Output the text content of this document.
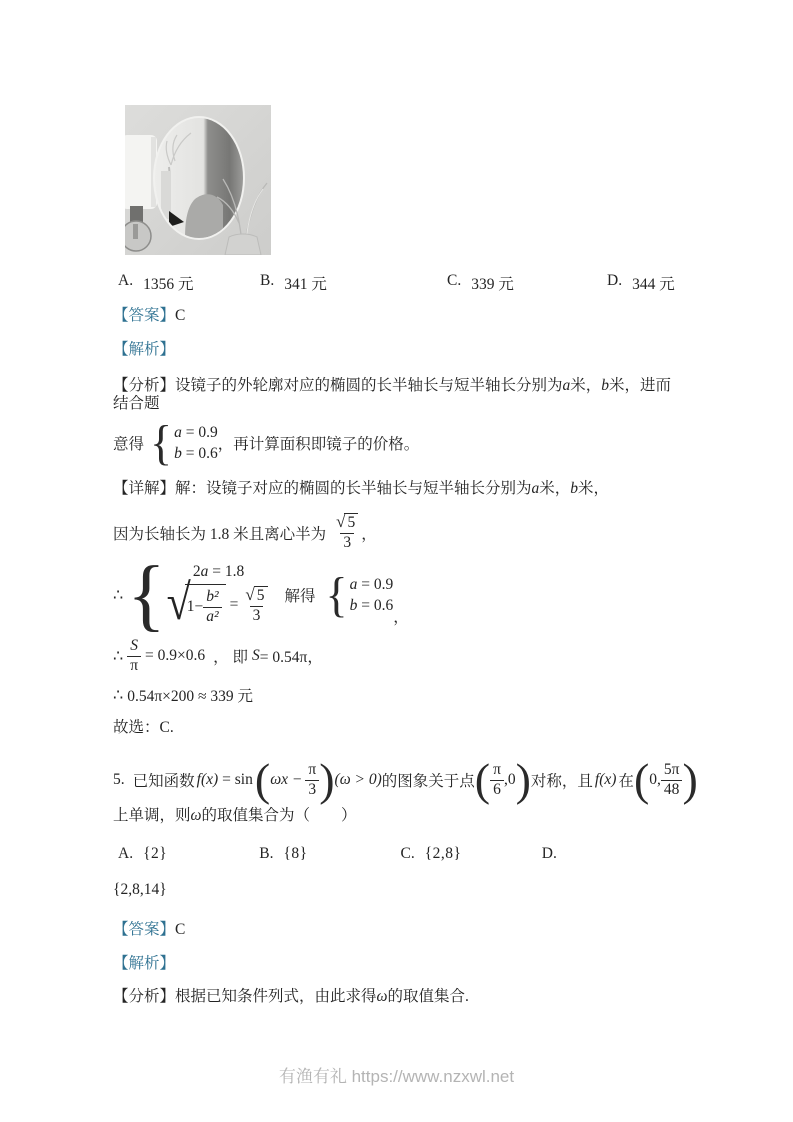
A. 1356 元	B. 341 元	C. 339 元	D. 344 元

【答案】C

【解析】

【分析】设镜子的外轮廓对应的椭圆的长半轴长与短半轴长分别为a米，b米，进而结合题

意得 { a = 0.9
b = 0.6
，再计算面积即镜子的价格。

【详解】解：设镜子对应的椭圆的长半轴长与短半轴长分别为a米，b米，

因为长轴长为 1.8 米且离心半为 $\frac{√ 5}{3}$ ，
∴ { 2a = 1.8
√
$1- \frac{\text{b²}}{\text{a²}} = \frac{√ 5}{3}$ 解得 { a = 0.9
b = 0.6
，
∴ $\frac{S}{\pi} = 0.9\times 0.6$ ， 即 S = 0.54π，
∴ 0.54π×200 ≈ 339 元

故选：C.

5. 已知函数 f(x) = sin ( $\omega x - \frac{\pi}{3}$ ) (ω > 0) 的图象关于点 ( $\frac{\pi}{6} ,0$ ) 对称，且 f(x) 在 ( 0, $\frac{5\pi}{48}$ )

上单调，则ω的取值集合为（　　）

A. {2}	B. {8}	C. {2,8}	D.

{2,8,14}

【答案】C

【解析】

【分析】根据已知条件列式，由此求得ω的取值集合.

有渔有礼 https://www.nzxwl.net
